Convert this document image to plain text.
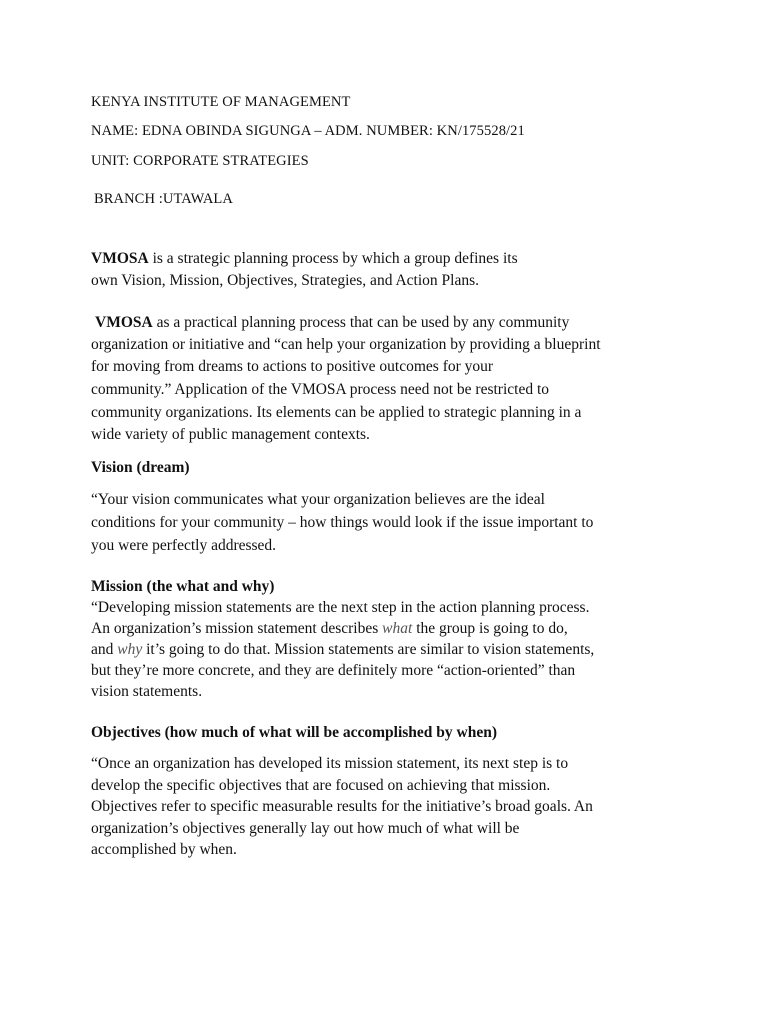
KENYA INSTITUTE OF MANAGEMENT
NAME: EDNA OBINDA SIGUNGA – ADM. NUMBER: KN/175528/21
UNIT: CORPORATE STRATEGIES
BRANCH :UTAWALA
VMOSA is a strategic planning process by which a group defines its
own Vision, Mission, Objectives, Strategies, and Action Plans.
VMOSA as a practical planning process that can be used by any community
organization or initiative and “can help your organization by providing a blueprint
for moving from dreams to actions to positive outcomes for your
community.” Application of the VMOSA process need not be restricted to
community organizations. Its elements can be applied to strategic planning in a
wide variety of public management contexts.
Vision (dream)
“Your vision communicates what your organization believes are the ideal
conditions for your community – how things would look if the issue important to
you were perfectly addressed.
Mission (the what and why)
“Developing mission statements are the next step in the action planning process.
An organization’s mission statement describes what the group is going to do,
and why it’s going to do that. Mission statements are similar to vision statements,
but they’re more concrete, and they are definitely more “action-oriented” than
vision statements.
Objectives (how much of what will be accomplished by when)
“Once an organization has developed its mission statement, its next step is to
develop the specific objectives that are focused on achieving that mission.
Objectives refer to specific measurable results for the initiative’s broad goals. An
organization’s objectives generally lay out how much of what will be
accomplished by when.
